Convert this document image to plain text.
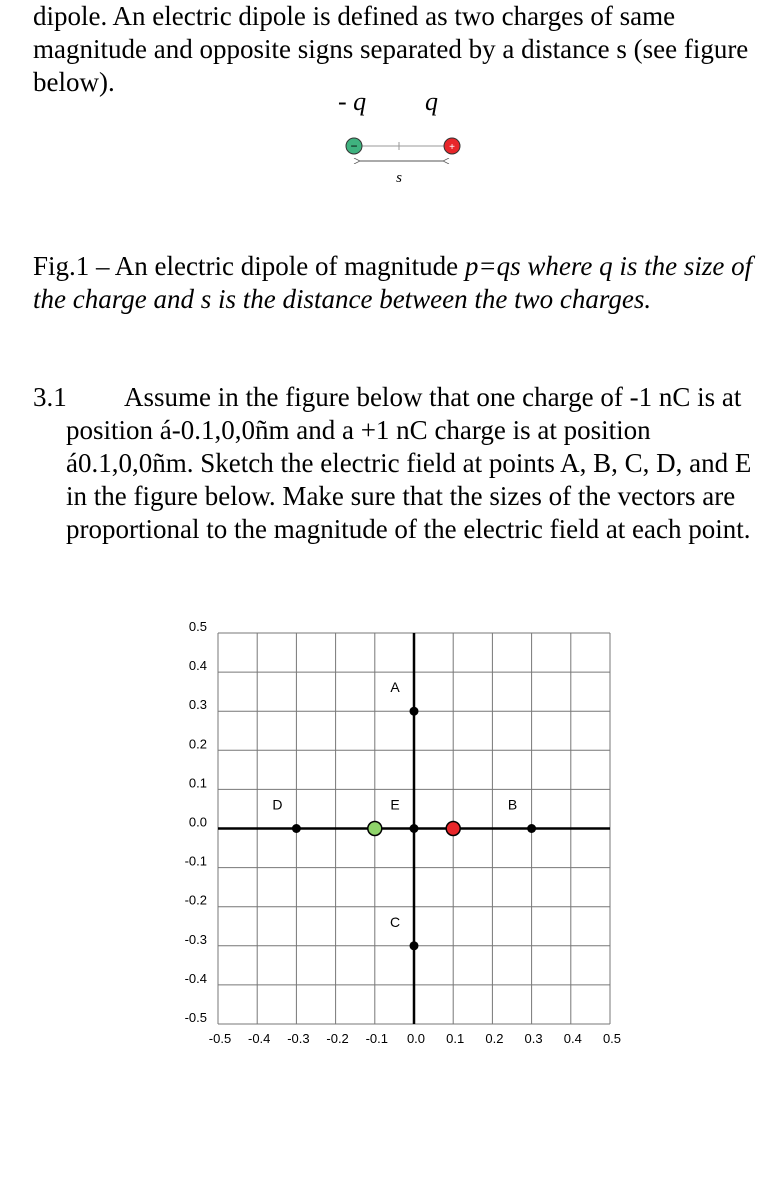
dipole. An electric dipole is defined as two charges of same magnitude and opposite signs separated by a distance s (see figure below).

- q q
−	+
s

Fig.1 – An electric dipole of magnitude p=qs where q is the size of the charge and s is the distance between the two charges.

3.1	Assume in the figure below that one charge of -1 nC is at position á-0.1,0,0ñm and a +1 nC charge is at position á0.1,0,0ñm. Sketch the electric field at points A, B, C, D, and E in the figure below. Make sure that the sizes of the vectors are proportional to the magnitude of the electric field at each point.

0.5
0.4
0.3
0.2
0.1
0.0
-0.1
-0.2
-0.3
-0.4
-0.5
-0.5 -0.4 -0.3 -0.2 -0.1 0.0 0.1 0.2 0.3 0.4 0.5
A
B
C
D	E
